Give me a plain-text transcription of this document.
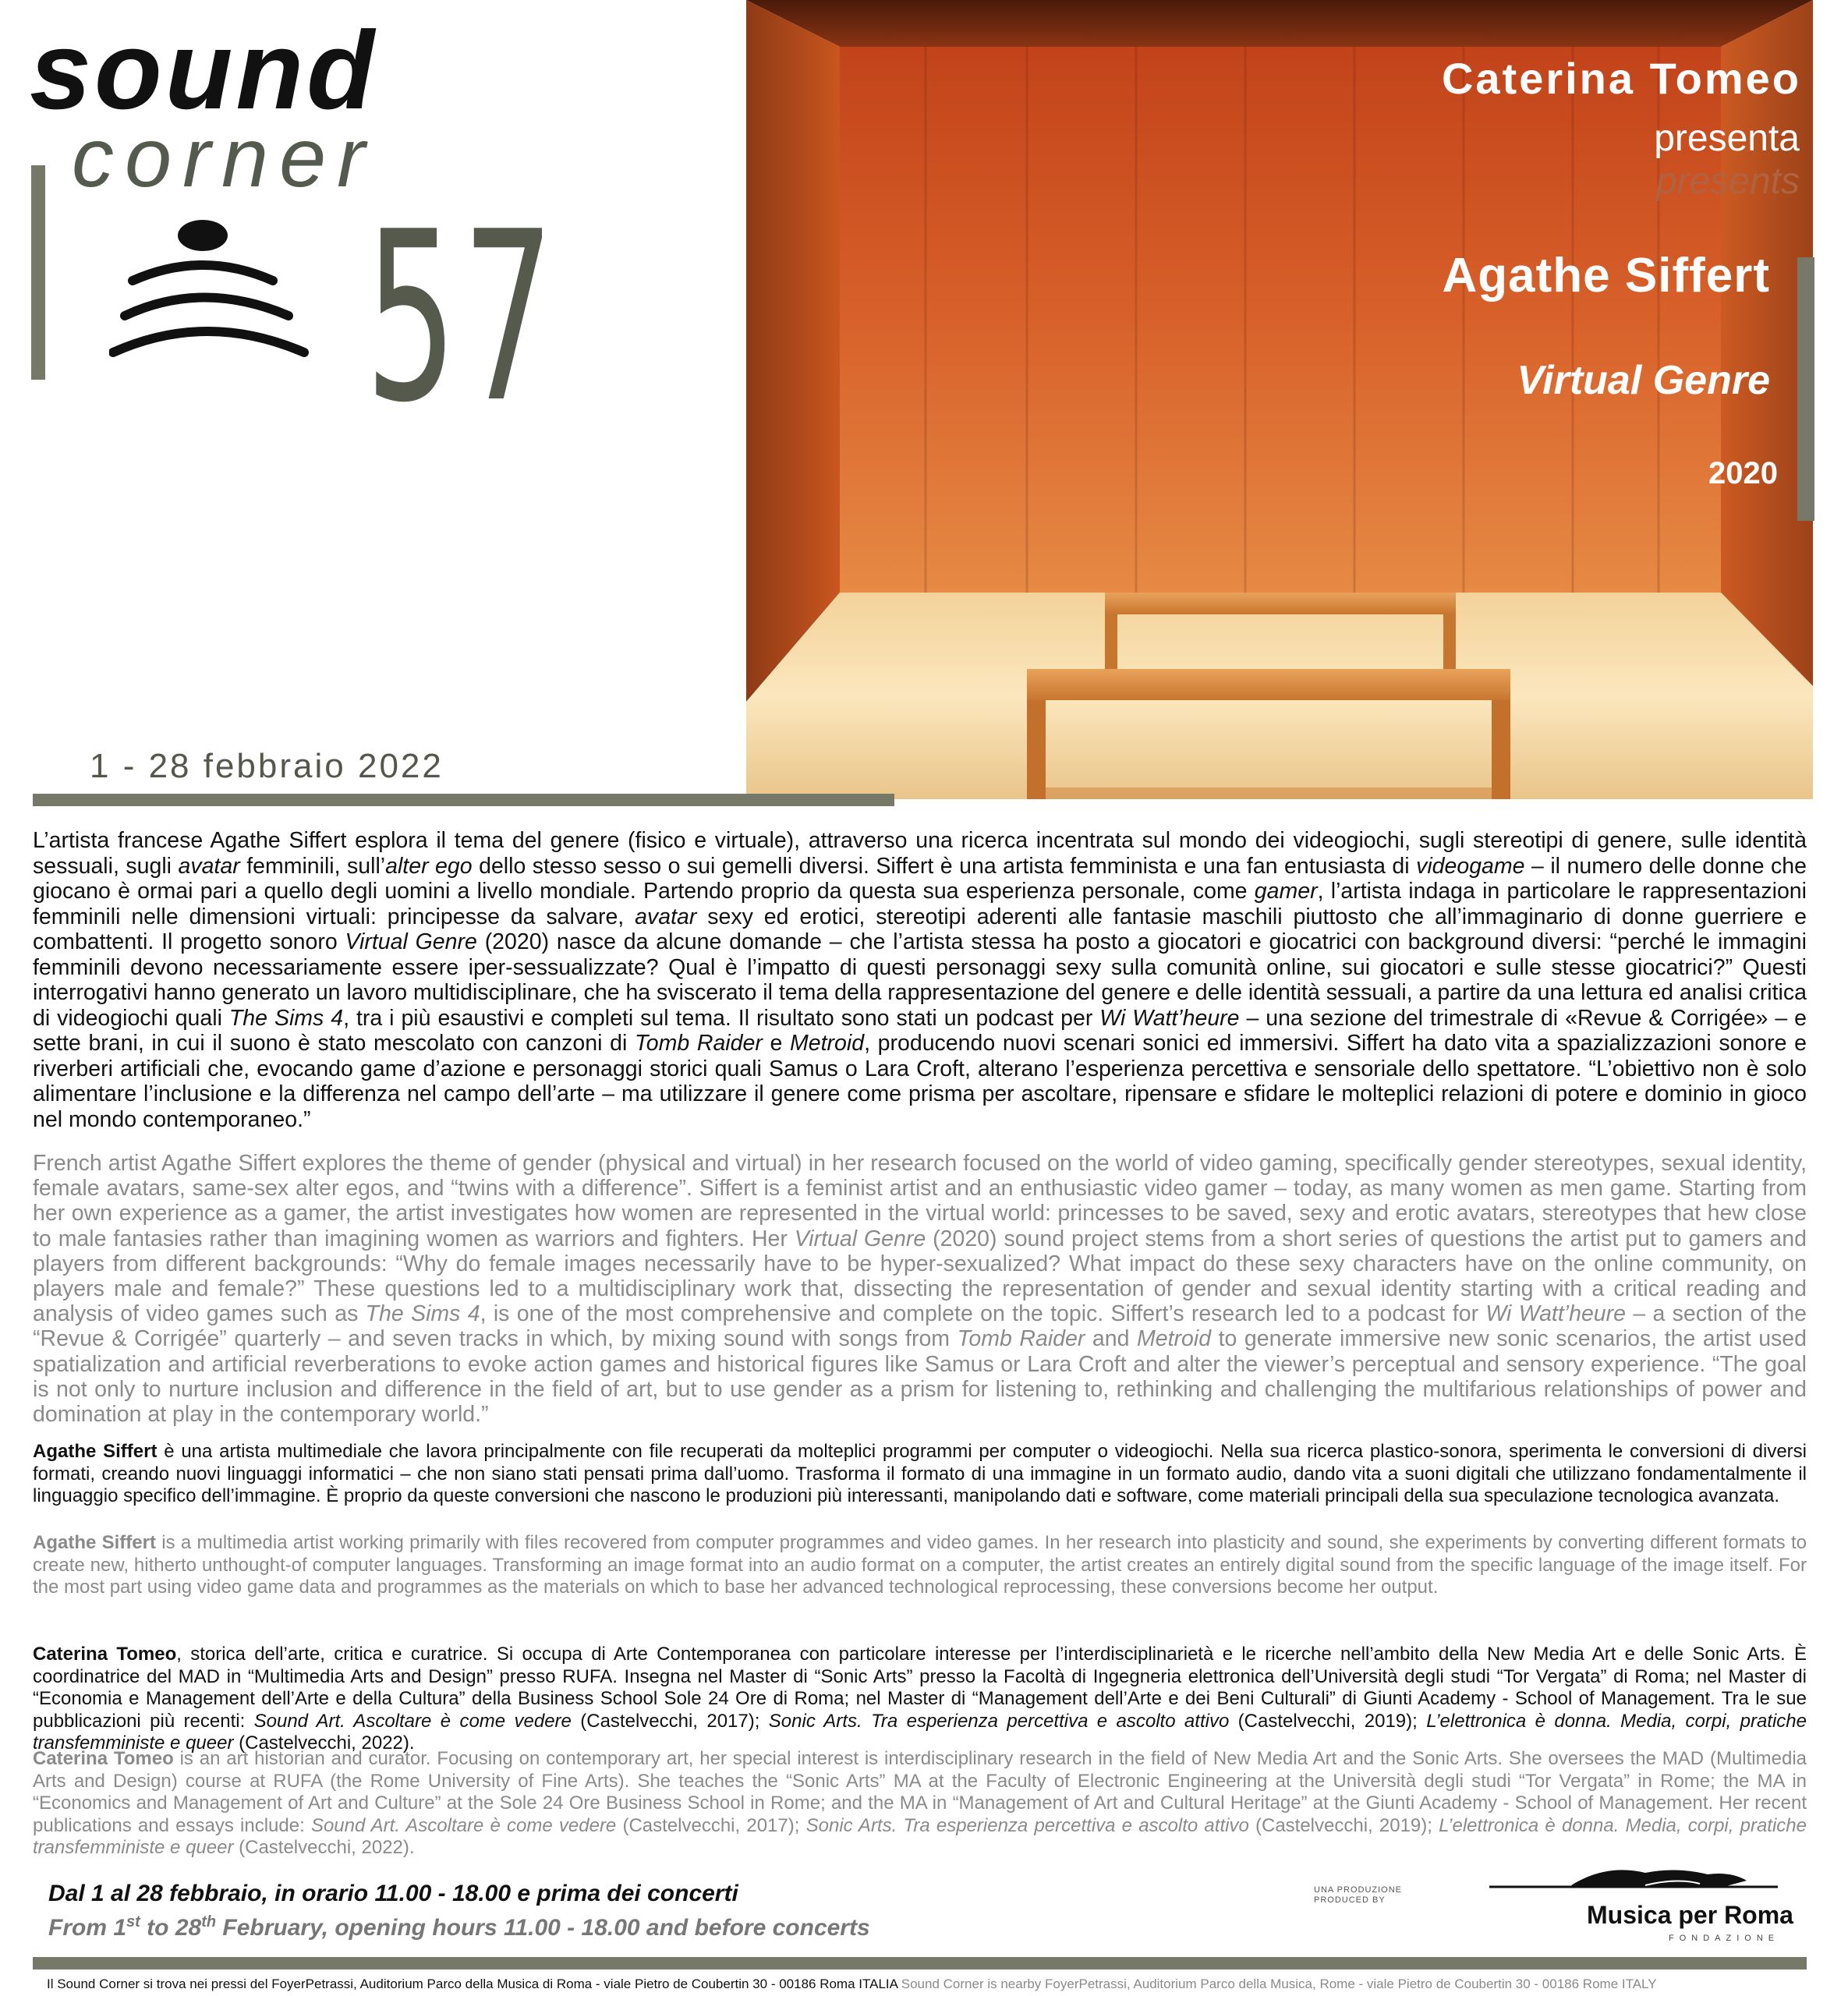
sound
corner
57
Caterina Tomeo
presenta
presents
Agathe Siffert
Virtual Genre
2020
1 - 28 febbraio 2022

L’artista francese Agathe Siffert esplora il tema del genere (fisico e virtuale), attraverso una ricerca incentrata sul mondo dei videogiochi, sugli stereotipi di genere, sulle identità sessuali, sugli avatar femminili, sull’alter ego dello stesso sesso o sui gemelli diversi. Siffert è una artista femminista e una fan entusiasta di videogame – il numero delle donne che giocano è ormai pari a quello degli uomini a livello mondiale. Partendo proprio da questa sua esperienza personale, come gamer, l’artista indaga in particolare le rappresentazioni femminili nelle dimensioni virtuali: principesse da salvare, avatar sexy ed erotici, stereotipi aderenti alle fantasie maschili piuttosto che all’immaginario di donne guerriere e combattenti. Il progetto sonoro Virtual Genre (2020) nasce da alcune domande – che l’artista stessa ha posto a giocatori e giocatrici con background diversi: “perché le immagini femminili devono necessariamente essere iper-sessualizzate? Qual è l’impatto di questi personaggi sexy sulla comunità online, sui giocatori e sulle stesse giocatrici?” Questi interrogativi hanno generato un lavoro multidisciplinare, che ha sviscerato il tema della rappresentazione del genere e delle identità sessuali, a partire da una lettura ed analisi critica di videogiochi quali The Sims 4, tra i più esaustivi e completi sul tema. Il risultato sono stati un podcast per Wi Watt’heure – una sezione del trimestrale di «Revue & Corrigée» – e sette brani, in cui il suono è stato mescolato con canzoni di Tomb Raider e Metroid, producendo nuovi scenari sonici ed immersivi. Siffert ha dato vita a spazializzazioni sonore e riverberi artificiali che, evocando game d’azione e personaggi storici quali Samus o Lara Croft, alterano l’esperienza percettiva e sensoriale dello spettatore. “L’obiettivo non è solo alimentare l’inclusione e la differenza nel campo dell’arte – ma utilizzare il genere come prisma per ascoltare, ripensare e sfidare le molteplici relazioni di potere e dominio in gioco nel mondo contemporaneo.”

French artist Agathe Siffert explores the theme of gender (physical and virtual) in her research focused on the world of video gaming, specifically gender stereotypes, sexual identity, female avatars, same-sex alter egos, and “twins with a difference”. Siffert is a feminist artist and an enthusiastic video gamer – today, as many women as men game. Starting from her own experience as a gamer, the artist investigates how women are represented in the virtual world: princesses to be saved, sexy and erotic avatars, stereotypes that hew close to male fantasies rather than imagining women as warriors and fighters. Her Virtual Genre (2020) sound project stems from a short series of questions the artist put to gamers and players from different backgrounds: “Why do female images necessarily have to be hyper-sexualized? What impact do these sexy characters have on the online community, on players male and female?” These questions led to a multidisciplinary work that, dissecting the representation of gender and sexual identity starting with a critical reading and analysis of video games such as The Sims 4, is one of the most comprehensive and complete on the topic. Siffert’s research led to a podcast for Wi Watt’heure – a section of the “Revue & Corrigée” quarterly – and seven tracks in which, by mixing sound with songs from Tomb Raider and Metroid to generate immersive new sonic scenarios, the artist used spatialization and artificial reverberations to evoke action games and historical figures like Samus or Lara Croft and alter the viewer’s perceptual and sensory experience. “The goal is not only to nurture inclusion and difference in the field of art, but to use gender as a prism for listening to, rethinking and challenging the multifarious relationships of power and domination at play in the contemporary world.”

Agathe Siffert è una artista multimediale che lavora principalmente con file recuperati da molteplici programmi per computer o videogiochi. Nella sua ricerca plastico-sonora, sperimenta le conversioni di diversi formati, creando nuovi linguaggi informatici – che non siano stati pensati prima dall’uomo. Trasforma il formato di una immagine in un formato audio, dando vita a suoni digitali che utilizzano fondamentalmente il linguaggio specifico dell’immagine. È proprio da queste conversioni che nascono le produzioni più interessanti, manipolando dati e software, come materiali principali della sua speculazione tecnologica avanzata.

Agathe Siffert is a multimedia artist working primarily with files recovered from computer programmes and video games. In her research into plasticity and sound, she experiments by converting different formats to create new, hitherto unthought-of computer languages. Transforming an image format into an audio format on a computer, the artist creates an entirely digital sound from the specific language of the image itself. For the most part using video game data and programmes as the materials on which to base her advanced technological reprocessing, these conversions become her output.

Caterina Tomeo, storica dell’arte, critica e curatrice. Si occupa di Arte Contemporanea con particolare interesse per l’interdisciplinarietà e le ricerche nell’ambito della New Media Art e delle Sonic Arts. È coordinatrice del MAD in “Multimedia Arts and Design” presso RUFA. Insegna nel Master di “Sonic Arts” presso la Facoltà di Ingegneria elettronica dell’Università degli studi “Tor Vergata” di Roma; nel Master di “Economia e Management dell’Arte e della Cultura” della Business School Sole 24 Ore di Roma; nel Master di “Management dell’Arte e dei Beni Culturali” di Giunti Academy - School of Management. Tra le sue pubblicazioni più recenti: Sound Art. Ascoltare è come vedere (Castelvecchi, 2017); Sonic Arts. Tra esperienza percettiva e ascolto attivo (Castelvecchi, 2019); L’elettronica è donna. Media, corpi, pratiche transfemministe e queer (Castelvecchi, 2022).

Caterina Tomeo is an art historian and curator. Focusing on contemporary art, her special interest is interdisciplinary research in the field of New Media Art and the Sonic Arts. She oversees the MAD (Multimedia Arts and Design) course at RUFA (the Rome University of Fine Arts). She teaches the “Sonic Arts” MA at the Faculty of Electronic Engineering at the Università degli studi “Tor Vergata” in Rome; the MA in “Economics and Management of Art and Culture” at the Sole 24 Ore Business School in Rome; and the MA in “Management of Art and Cultural Heritage” at the Giunti Academy - School of Management. Her recent publications and essays include: Sound Art. Ascoltare è come vedere (Castelvecchi, 2017); Sonic Arts. Tra esperienza percettiva e ascolto attivo (Castelvecchi, 2019); L’elettronica è donna. Media, corpi, pratiche transfemministe e queer (Castelvecchi, 2022).

Dal 1 al 28 febbraio, in orario 11.00 - 18.00 e prima dei concerti
From 1st to 28th February, opening hours 11.00 - 18.00 and before concerts
UNA PRODUZIONE
PRODUCED BY
Musica per Roma
FONDAZIONE
Il Sound Corner si trova nei pressi del FoyerPetrassi, Auditorium Parco della Musica di Roma - viale Pietro de Coubertin 30 - 00186 Roma ITALIA Sound Corner is nearby FoyerPetrassi, Auditorium Parco della Musica, Rome - viale Pietro de Coubertin 30 - 00186 Rome ITALY
